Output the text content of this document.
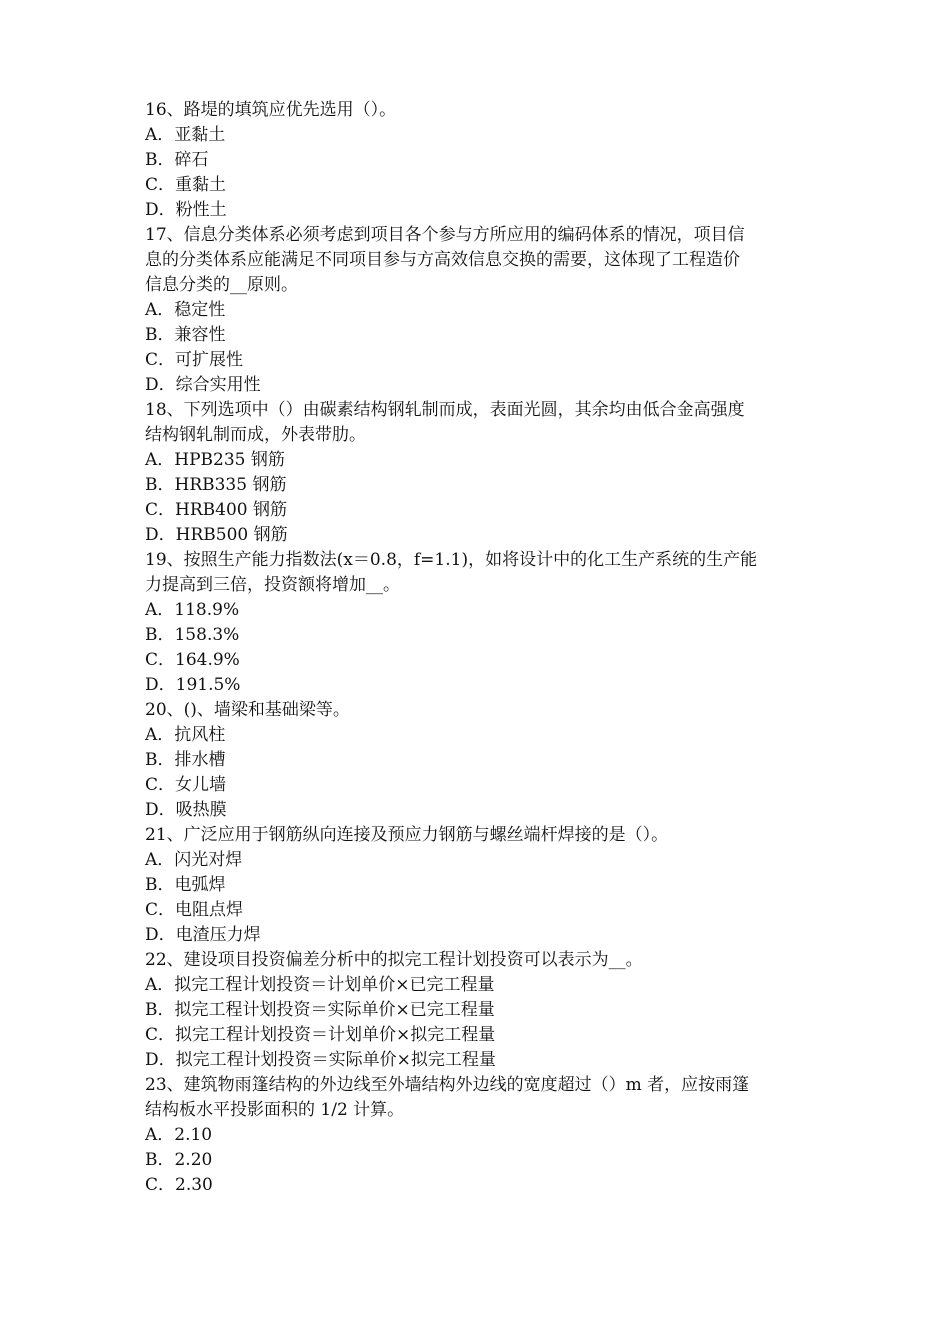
16、路堤的填筑应优先选用（）。

A．亚黏土

B．碎石

C．重黏土

D．粉性土

17、信息分类体系必须考虑到项目各个参与方所应用的编码体系的情况，项目信

息的分类体系应能满足不同项目参与方高效信息交换的需要，这体现了工程造价

信息分类的__原则。

A．稳定性

B．兼容性

C．可扩展性

D．综合实用性

18、下列选项中（）由碳素结构钢轧制而成，表面光圆，其余均由低合金高强度

结构钢轧制而成，外表带肋。

A．HPB235 钢筋

B．HRB335 钢筋

C．HRB400 钢筋

D．HRB500 钢筋

19、按照生产能力指数法(x＝0.8，f=1.1)，如将设计中的化工生产系统的生产能

力提高到三倍，投资额将增加__。

A．118.9%

B．158.3%

C．164.9%

D．191.5%

20、()、墙梁和基础梁等。

A．抗风柱

B．排水槽

C．女儿墙

D．吸热膜

21、广泛应用于钢筋纵向连接及预应力钢筋与螺丝端杆焊接的是（）。

A．闪光对焊

B．电弧焊

C．电阻点焊

D．电渣压力焊

22、建设项目投资偏差分析中的拟完工程计划投资可以表示为__。

A．拟完工程计划投资＝计划单价×已完工程量

B．拟完工程计划投资＝实际单价×已完工程量

C．拟完工程计划投资＝计划单价×拟完工程量

D．拟完工程计划投资＝实际单价×拟完工程量

23、建筑物雨篷结构的外边线至外墙结构外边线的宽度超过（）m 者，应按雨篷

结构板水平投影面积的 1/2 计算。

A．2.10

B．2.20

C．2.30
